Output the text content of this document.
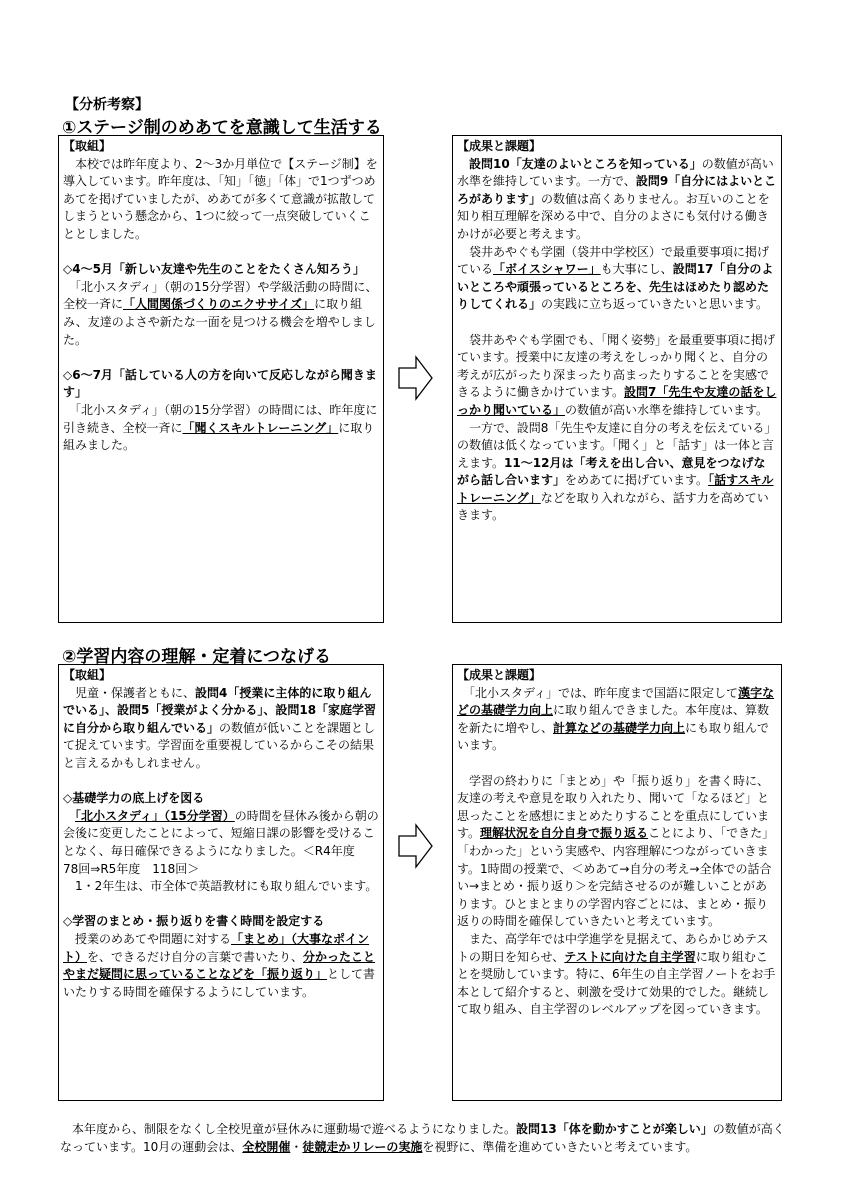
【分析考察】
①ステージ制のめあてを意識して生活する

【取組】

　本校では昨年度より、2～3か月単位で【ステージ制】を導入しています。昨年度は、「知」「徳」「体」で1つずつめあてを掲げていましたが、めあてが多くて意識が拡散してしまうという懸念から、1つに絞って一点突破していくこととしました。

◇4～5月「新しい友達や先生のことをたくさん知ろう」

　「北小スタディ」（朝の15分学習）や学級活動の時間に、全校一斉に「人間関係づくりのエクササイズ」に取り組み、友達のよさや新たな一面を見つける機会を増やしました。

◇6～7月「話している人の方を向いて反応しながら聞きます」

　「北小スタディ」（朝の15分学習）の時間には、昨年度に引き続き、全校一斉に「聞くスキルトレーニング」に取り組みました。

【成果と課題】

　設問10「友達のよいところを知っている」の数値が高い水準を維持しています。一方で、設問9「自分にはよいところがあります」の数値は高くありません。お互いのことを知り相互理解を深める中で、自分のよさにも気付ける働きかけが必要と考えます。

　袋井あやぐも学園（袋井中学校区）で最重要事項に掲げている「ボイスシャワー」も大事にし、設問17「自分のよいところや頑張っているところを、先生はほめたり認めたりしてくれる」の実践に立ち返っていきたいと思います。

　袋井あやぐも学園でも、「聞く姿勢」を最重要事項に掲げています。授業中に友達の考えをしっかり聞くと、自分の考えが広がったり深まったり高まったりすることを実感できるように働きかけています。設問7「先生や友達の話をしっかり聞いている」の数値が高い水準を維持しています。

　一方で、設問8「先生や友達に自分の考えを伝えている」の数値は低くなっています。「聞く」と「話す」は一体と言えます。11～12月は「考えを出し合い、意見をつなげながら話し合います」をめあてに掲げています。「話すスキルトレーニング」などを取り入れながら、話す力を高めていきます。

②学習内容の理解・定着につなげる

【取組】

　児童・保護者ともに、設問4「授業に主体的に取り組んでいる」、設問5「授業がよく分かる」、設問18「家庭学習に自分から取り組んでいる」の数値が低いことを課題として捉えています。学習面を重要視しているからこその結果と言えるかもしれません。

◇基礎学力の底上げを図る

　「北小スタディ」（15分学習）の時間を昼休み後から朝の会後に変更したことによって、短縮日課の影響を受けることなく、毎日確保できるようになりました。＜R4年度　78回⇒R5年度　118回＞

　1・2年生は、市全体で英語教材にも取り組んでいます。

◇学習のまとめ・振り返りを書く時間を設定する

　授業のめあてや問題に対する「まとめ」（大事なポイント）を、できるだけ自分の言葉で書いたり、分かったことやまだ疑問に思っていることなどを「振り返り」として書いたりする時間を確保するようにしています。

【成果と課題】

　「北小スタディ」では、昨年度まで国語に限定して漢字などの基礎学力向上に取り組んできました。本年度は、算数を新たに増やし、計算などの基礎学力向上にも取り組んでいます。

　学習の終わりに「まとめ」や「振り返り」を書く時に、友達の考えや意見を取り入れたり、聞いて「なるほど」と思ったことを感想にまとめたりすることを重点にしています。理解状況を自分自身で振り返ることにより、「できた」「わかった」という実感や、内容理解につながっていきます。1時間の授業で、＜めあて→自分の考え→全体での話合い→まとめ・振り返り＞を完結させるのが難しいことがあります。ひとまとまりの学習内容ごとには、まとめ・振り返りの時間を確保していきたいと考えています。

　また、高学年では中学進学を見据えて、あらかじめテストの期日を知らせ、テストに向けた自主学習に取り組むことを奨励しています。特に、6年生の自主学習ノートをお手本として紹介すると、刺激を受けて効果的でした。継続して取り組み、自主学習のレベルアップを図っていきます。

　本年度から、制限をなくし全校児童が昼休みに運動場で遊べるようになりました。設問13「体を動かすことが楽しい」の数値が高くなっています。10月の運動会は、全校開催・徒競走かリレーの実施を視野に、準備を進めていきたいと考えています。
